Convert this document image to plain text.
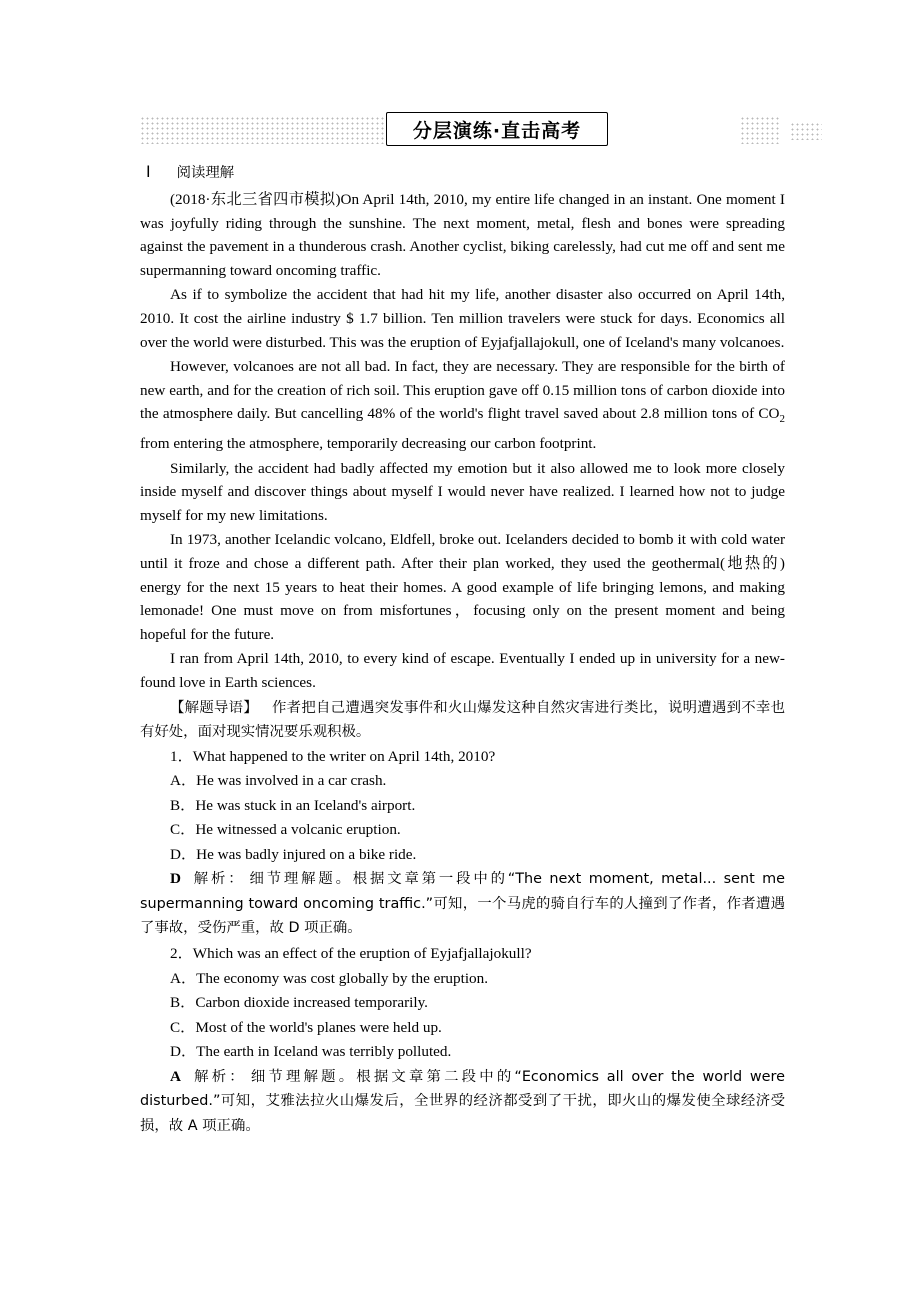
分层演练·直击高考

Ⅰ 阅读理解

(2018·东北三省四市模拟)On April 14th, 2010, my entire life changed in an instant. One moment I was joyfully riding through the sunshine. The next moment, metal, flesh and bones were spreading against the pavement in a thunderous crash. Another cyclist, biking carelessly, had cut me off and sent me supermanning toward oncoming traffic.

As if to symbolize the accident that had hit my life, another disaster also occurred on April 14th, 2010. It cost the airline industry $ 1.7 billion. Ten million travelers were stuck for days. Economics all over the world were disturbed. This was the eruption of Eyjafjallajokull, one of Iceland's many volcanoes.

However, volcanoes are not all bad. In fact, they are necessary. They are responsible for the birth of new earth, and for the creation of rich soil. This eruption gave off 0.15 million tons of carbon dioxide into the atmosphere daily. But cancelling 48% of the world's flight travel saved about 2.8 million tons of $CO_2$ from entering the atmosphere, temporarily decreasing our carbon footprint.

Similarly, the accident had badly affected my emotion but it also allowed me to look more closely inside myself and discover things about myself I would never have realized. I learned how not to judge myself for my new limitations.

In 1973, another Icelandic volcano, Eldfell, broke out. Icelanders decided to bomb it with cold water until it froze and chose a different path. After their plan worked, they used the geothermal(地热的) energy for the next 15 years to heat their homes. A good example of life bringing lemons, and making lemonade! One must move on from misfortunes，focusing only on the present moment and being hopeful for the future.

I ran from April 14th, 2010, to every kind of escape. Eventually I ended up in university for a new-found love in Earth sciences.

【解题导语】 作者把自己遭遇突发事件和火山爆发这种自然灾害进行类比，说明遭遇到不幸也有好处，面对现实情况要乐观积极。

1．What happened to the writer on April 14th, 2010?

A．He was involved in a car crash.

B．He was stuck in an Iceland's airport.

C．He witnessed a volcanic eruption.

D．He was badly injured on a bike ride.

D 解析： 细节理解题。根据文章第一段中的“The next moment, metal... sent me supermanning toward oncoming traffic.”可知，一个马虎的骑自行车的人撞到了作者，作者遭遇了事故，受伤严重，故 D 项正确。

2．Which was an effect of the eruption of Eyjafjallajokull?

A．The economy was cost globally by the eruption.

B．Carbon dioxide increased temporarily.

C．Most of the world's planes were held up.

D．The earth in Iceland was terribly polluted.

A 解析： 细节理解题。根据文章第二段中的“Economics all over the world were disturbed.”可知，艾雅法拉火山爆发后，全世界的经济都受到了干扰，即火山的爆发使全球经济受损，故 A 项正确。
